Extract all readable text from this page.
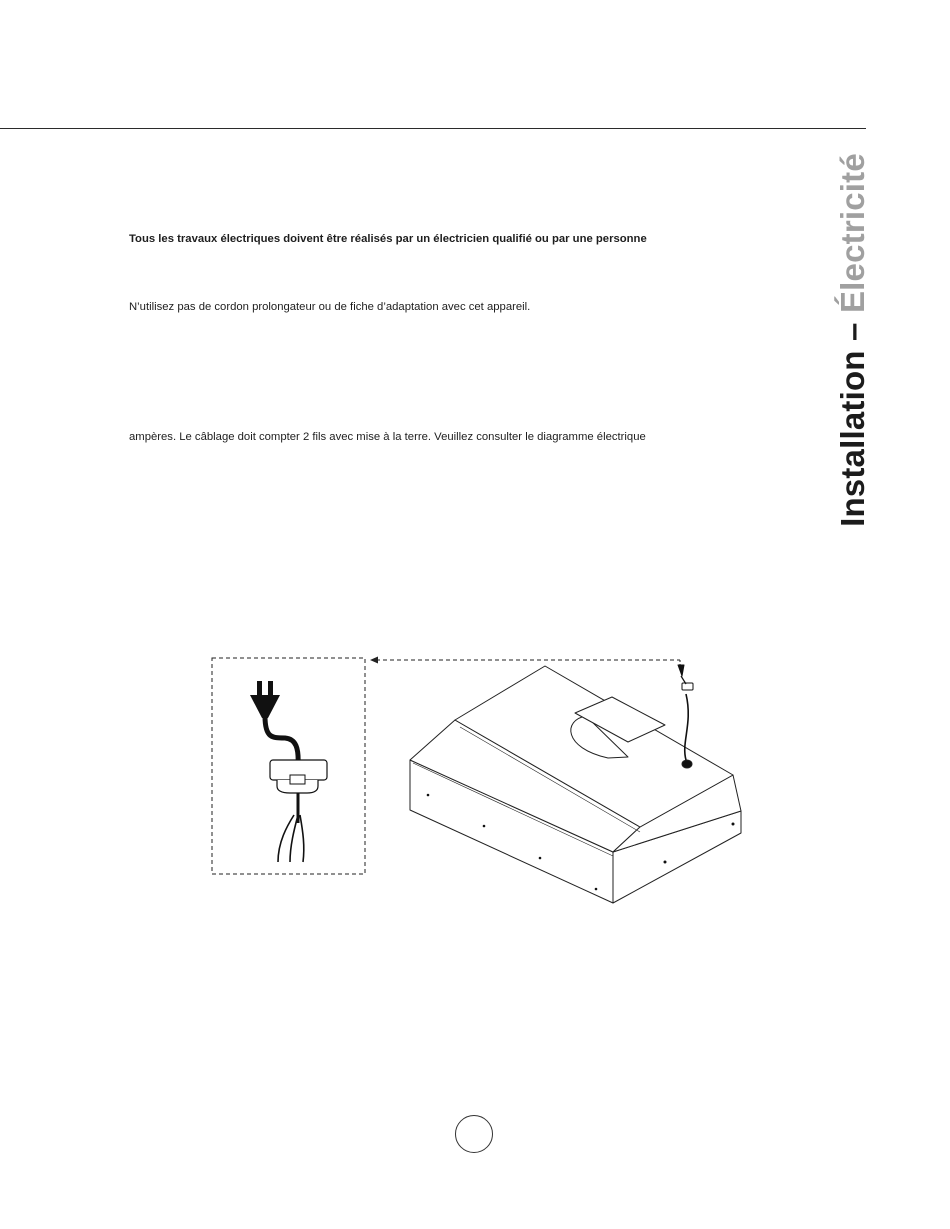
Installation – Électricité
Tous les travaux électriques doivent être réalisés par un électricien qualifié ou par une personne
N’utilisez pas de cordon prolongateur ou de fiche d’adaptation avec cet appareil.
ampères. Le câblage doit compter 2 fils avec mise à la terre. Veuillez consulter le diagramme électrique
